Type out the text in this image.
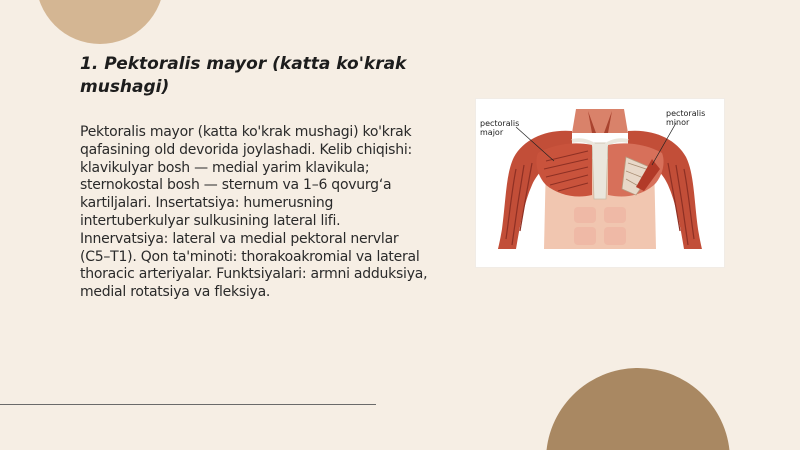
1. Pektoralis mayor (katta ko'krak mushagi)

Pektoralis mayor (katta ko'krak mushagi) ko'krak qafasining old devorida joylashadi. Kelib chiqishi: klavikulyar bosh — medial yarim klavikula; sternokostal bosh — sternum va 1–6 qovurg‘a kartiljalari. Insertatsiya: humerusning intertuberkulyar sulkusining lateral lifi. Innervatsiya: lateral va medial pektoral nervlar (C5–T1). Qon ta'minoti: thorakoakromial va lateral thoracic arteriyalar. Funktsiyalari: armni adduksiya, medial rotatsiya va fleksiya.

pectoralis
major
pectoralis
minor
